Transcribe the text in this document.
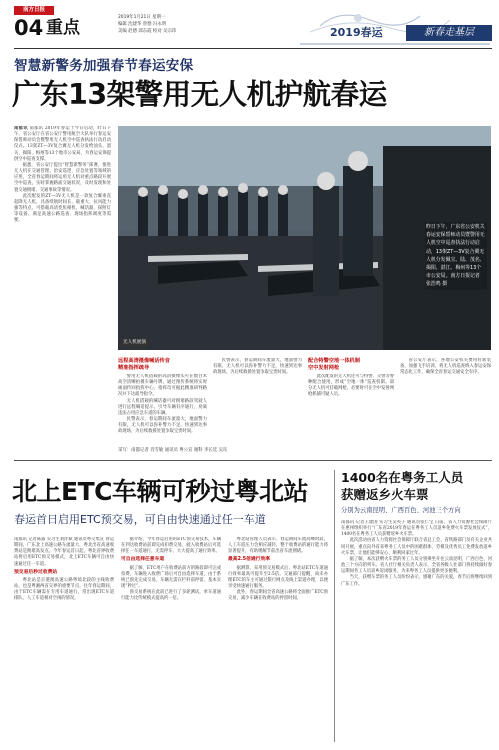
南方日报
04 重点
2019年1月21日 星期一
编辑 沈建华 曾德 冯永明
美编 赵德 邱东霞 校对 吴宗玮	2019春运	新春走基层
智慧新警务加强春节春运安保
广东13架警用无人机护航春运

南都讯 南都讯 2019年春运于今日启动，昨日下午，省公安厅在省公安厅警用航空大队举行春运安保誓师动员会暨警用无人机空中巡查执法行动启动仪式。13架ZT—3V复合翼无人机分发给汕头、韶关、揭阳、梅州等13个地市公安局，为春运安保提供空中巡查支撑。

据悉，省公安厅提出“智慧新警务”部署，推进无人机在交通管理、治安巡逻、应急处置等领域的应用，全省春运期间将运用无人机对重点路段开展空中巡查，实时掌握路面交通状况，及时发现和处置交通拥堵、交通事故等情况。

此次配发的ZT—3V无人机是一款复合翼垂直起降无人机，具备续航时间长、载重大、抗风能力强等特点，可搭载高清变焦相机、喊话器、探照灯等设备，满足高速公路巡查、现场指挥调度等需要。

无人机展演
昨日下午，广东省公安机关春运安保誓师动员暨警用无人机空中巡查执法行动启动，13架ZT—3V复合翼无人机分发佩宝、陆、茂名、揭阳、湛江、梅州等13个市公安局。南方日报记者 张浩鸣 摄
远程高清摄像喊话传音
精准指挥疏导

警用无人机搭载的高清摄像头可在数百米高空清晰拍摄车辆号牌，通过图传系统将实时画面传回指挥中心，指挥员可据此精准研判路况并下达疏导指令。

无人机搭载的喊话器可对拥堵路段驾驶人进行远程喊话提示，引导车辆有序通行，劝离违法占用应急车道的车辆。

民警表示，春运期间车流量大，地面警力有限，无人机可以弥补警力不足，快速到达事故现场，为后续救援处置争取宝贵时间。

民警表示，春运期间车流量大，地面警力有限，无人机可以弥补警力不足，快速到达事故现场，为后续救援处置争取宝贵时间。

配合特警空地一体机制
空中发射网枪

此次配发的无人机还可与特警、交警等警种配合使用，形成“空地一体”巡查机制。部分无人机可挂载网枪，必要时可在空中发射网枪抓捕可疑人员。

省公安厅表示，各地公安机关要用好新装备，加强飞手培训，将无人机巡查纳入春运安保常态化工作，确保全省春运交通安全有序。

采写：南都记者 肖雪敏 通讯员 粤公宣 谢科 李长廷 吴珏
北上ETC车辆可秒过粤北站
春运首日启用ETC预交易，可自由快速通过任一车道

南都讯 记者陈露 实习生刘洋斌 通讯员粤交集宣 春运期间，广东北上高速公路车流量大，粤北出省高速收费站是拥堵高发点。今年春运首日起，粤北省界收费站将启用ETC预交易模式，北上ETC车辆可自由快速通过任一车道。

预交易后秒过收费站

粤北站是京港澳高速公路粤境北段的主线收费站，也是粤湘两省交界的重要节点。往年春运期间，由于ETC车辆需在专用车道通行，常出现ETC车道排队、人工车道相对空闲的情况。

据介绍，今年春运启用的ETC预交易技术，车辆在到达收费站前即完成扣费交易，驶入收费站后可选择任一车道通行，无需停车，大大提高了通行效率。

可自由选择任意车道

据了解，ETC用户在收费站前方的路段即可完成扣费，车辆进入收费广场后可自由选择车道，由于系统已预先完成交易，车辆无需在栏杆前停留，基本实现“秒过”。

预交易系统在此前已进行了多轮测试，单车道通行能力比传统模式提高约一倍。

粤北站管理人员表示，春运期间车流高峰时段，人工车道压力会相应减轻，整个收费站的通行能力将显著提升，有助缓解节前出省车流拥堵。

最高2.5倍通行效率

据测算，采用预交易模式后，粤北站ETC车道通行效率最高可提升至2.5倍。交通部门提醒，尚未办理ETC的车主可通过银行网点及线上渠道办理，以便享受快速通行服务。

此外，春运期间全省高速公路将全面推广ETC预交易，减少车辆在收费站的停留时间。

1400名在粤务工人员
获赠返乡火车票
分别为云南昆明、广西百色、河池三个方向

南都讯 记者王建国 实习生吴英子 通讯员张仁宝 日前，省人力资源社会保障厅在惠州组织举行“广东省2019年春运在粤务工人员返乡免费火车票发放仪式”，1400名在粤务工人员获赠返乡火车票。

此次活动由省人力资源社会保障厅联合省总工会、省铁路部门及有关企业共同开展，重点向外省来粤务工人员中的困难群体、劳模及优秀员工免费发放返乡火车票，让他们能够安心、顺利回家过年。

据了解，本次获赠火车票的务工人员分别乘坐开往云南昆明、广西百色、河池三个方向的列车。省人社厅相关负责人表示，全省各级人社部门将持续做好春运期间务工人员返乡返岗服务，为来粤务工人员提供更多便利。

当天，获赠车票的务工人员纷纷表示，感谢广东的关爱，春节后将继续回到广东工作。
